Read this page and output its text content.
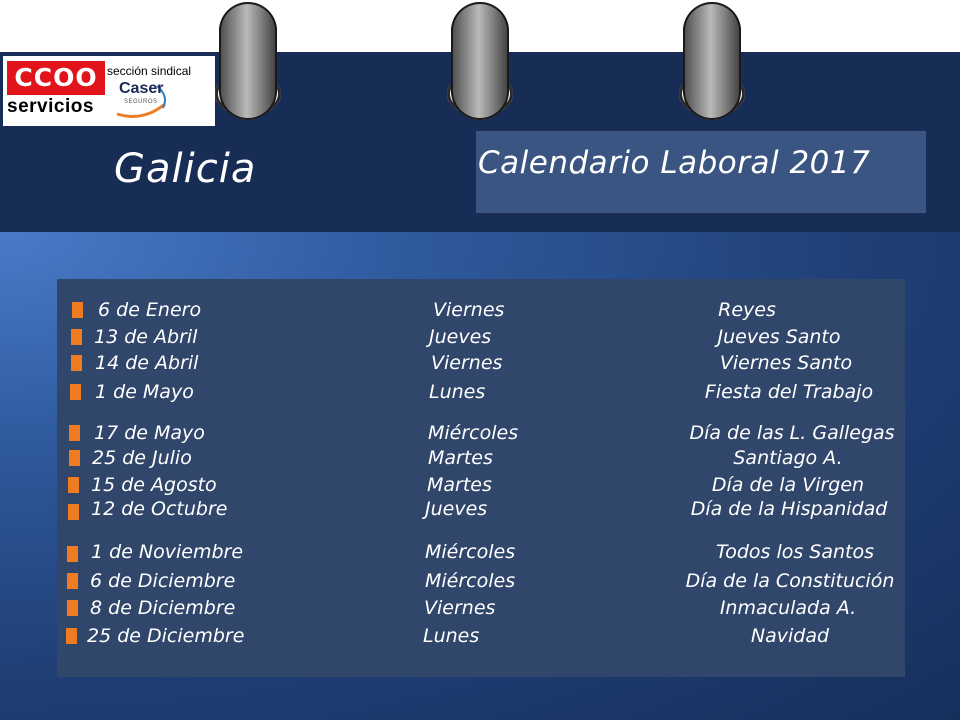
CCOO
servicios
sección sindical
Caser
SEGUROS
Galicia	Calendario Laboral 2017
6 de Enero	Viernes	Reyes
13 de Abril	Jueves	Jueves Santo
14 de Abril	Viernes	Viernes Santo
1 de Mayo	Lunes	Fiesta del Trabajo
17 de Mayo	Miércoles	Día de las L. Gallegas
25 de Julio	Martes	Santiago A.
15 de Agosto	Martes	Día de la Virgen
12 de Octubre	Jueves	Día de la Hispanidad
1 de Noviembre	Miércoles	Todos los Santos
6 de Diciembre	Miércoles	Día de la Constitución
8 de Diciembre	Viernes	Inmaculada A.
25 de Diciembre	Lunes	Navidad
